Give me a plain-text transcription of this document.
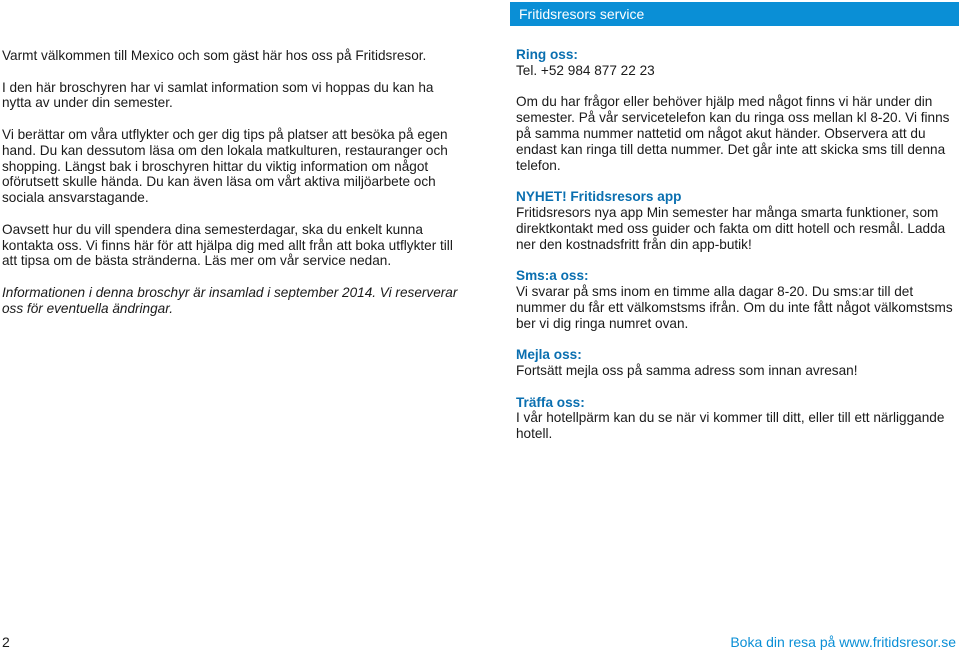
Fritidsresors service

Varmt välkommen till Mexico och som gäst här hos oss på Fritidsresor.

I den här broschyren har vi samlat information som vi hoppas du kan ha nytta av under din semester.

Vi berättar om våra utflykter och ger dig tips på platser att besöka på egen hand. Du kan dessutom läsa om den lokala matkulturen, restauranger och shopping. Längst bak i broschyren hittar du viktig information om något oförutsett skulle hända. Du kan även läsa om vårt aktiva miljöarbete och sociala ansvarstagande.

Oavsett hur du vill spendera dina semesterdagar, ska du enkelt kunna kontakta oss. Vi finns här för att hjälpa dig med allt från att boka utflykter till att tipsa om de bästa stränderna. Läs mer om vår service nedan.

Informationen i denna broschyr är insamlad i september 2014. Vi reserverar oss för eventuella ändringar.

Ring oss:

Tel. +52 984 877 22 23

Om du har frågor eller behöver hjälp med något finns vi här under din semester. På vår servicetelefon kan du ringa oss mellan kl 8-20. Vi finns på samma nummer nattetid om något akut händer. Observera att du endast kan ringa till detta nummer. Det går inte att skicka sms till denna telefon.

NYHET! Fritidsresors app

Fritidsresors nya app Min semester har många smarta funktioner, som direktkontakt med oss guider och fakta om ditt hotell och resmål. Ladda ner den kostnadsfritt från din app-butik!

Sms:a oss:

Vi svarar på sms inom en timme alla dagar 8-20. Du sms:ar till det nummer du får ett välkomstsms ifrån. Om du inte fått något välkomstsms ber vi dig ringa numret ovan.

Mejla oss:

Fortsätt mejla oss på samma adress som innan avresan!

Träffa oss:

I vår hotellpärm kan du se när vi kommer till ditt, eller till ett närliggande hotell.

2	Boka din resa på www.fritidsresor.se
